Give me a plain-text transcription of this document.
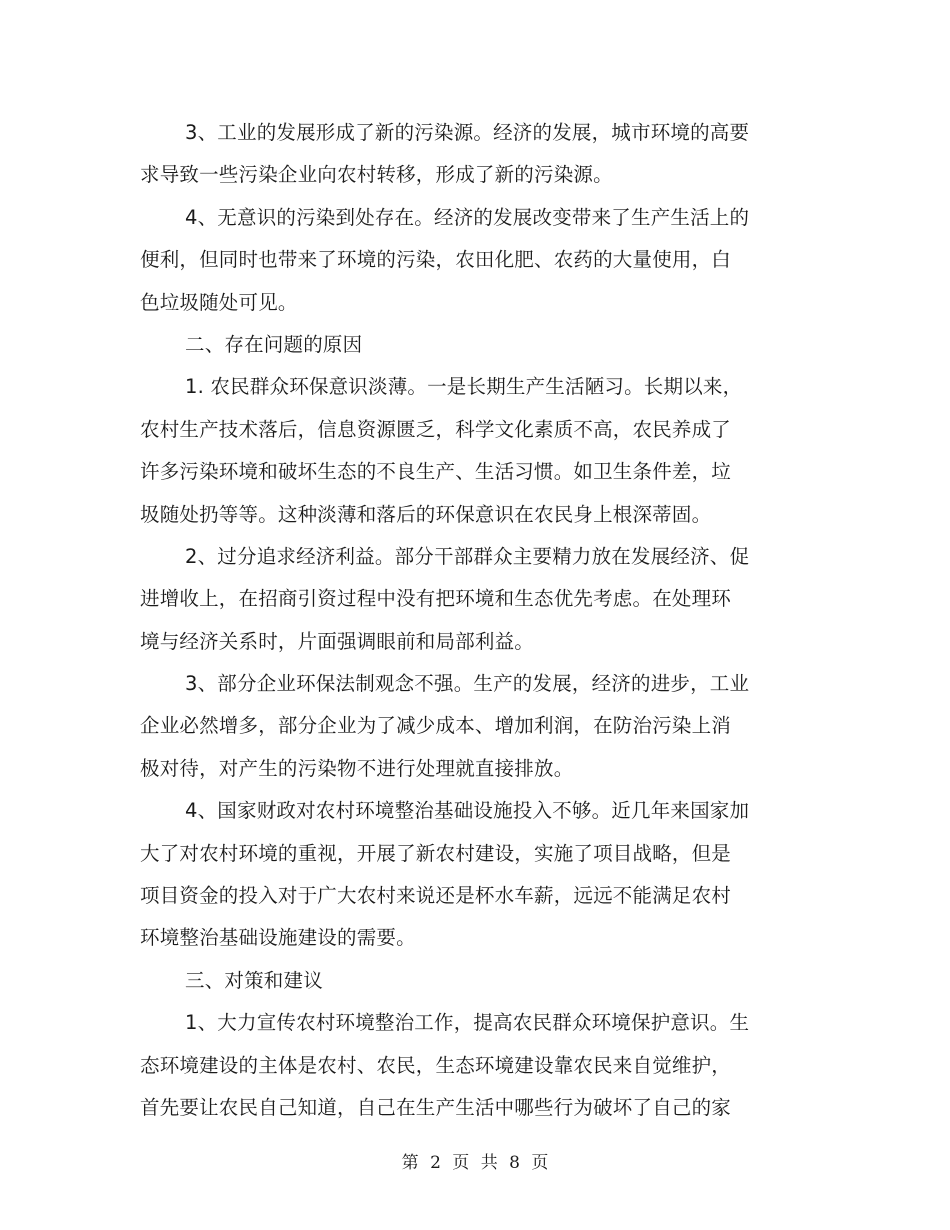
3、工业的发展形成了新的污染源。经济的发展，城市环境的高要
求导致一些污染企业向农村转移，形成了新的污染源。

4、无意识的污染到处存在。经济的发展改变带来了生产生活上的
便利，但同时也带来了环境的污染，农田化肥、农药的大量使用，白
色垃圾随处可见。

二、存在问题的原因

1. 农民群众环保意识淡薄。一是长期生产生活陋习。长期以来，
农村生产技术落后，信息资源匮乏，科学文化素质不高，农民养成了
许多污染环境和破坏生态的不良生产、生活习惯。如卫生条件差，垃
圾随处扔等等。这种淡薄和落后的环保意识在农民身上根深蒂固。

2、过分追求经济利益。部分干部群众主要精力放在发展经济、促
进增收上，在招商引资过程中没有把环境和生态优先考虑。在处理环
境与经济关系时，片面强调眼前和局部利益。

3、部分企业环保法制观念不强。生产的发展，经济的进步，工业
企业必然增多，部分企业为了减少成本、增加利润，在防治污染上消
极对待，对产生的污染物不进行处理就直接排放。

4、国家财政对农村环境整治基础设施投入不够。近几年来国家加
大了对农村环境的重视，开展了新农村建设，实施了项目战略，但是
项目资金的投入对于广大农村来说还是杯水车薪，远远不能满足农村
环境整治基础设施建设的需要。

三、对策和建议

1、大力宣传农村环境整治工作，提高农民群众环境保护意识。生
态环境建设的主体是农村、农民，生态环境建设靠农民来自觉维护，
首先要让农民自己知道，自己在生产生活中哪些行为破坏了自己的家

第 2 页 共 8 页
